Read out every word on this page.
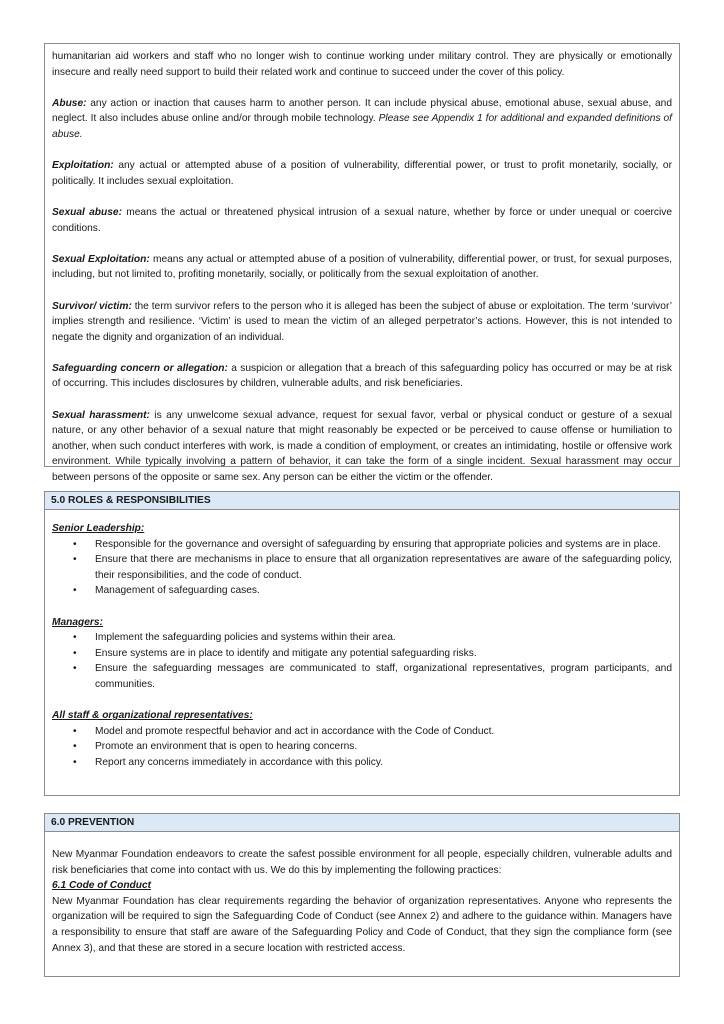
humanitarian aid workers and staff who no longer wish to continue working under military control. They are physically or emotionally insecure and really need support to build their related work and continue to succeed under the cover of this policy.

Abuse: any action or inaction that causes harm to another person. It can include physical abuse, emotional abuse, sexual abuse, and neglect. It also includes abuse online and/or through mobile technology. Please see Appendix 1 for additional and expanded definitions of abuse.

Exploitation: any actual or attempted abuse of a position of vulnerability, differential power, or trust to profit monetarily, socially, or politically. It includes sexual exploitation.

Sexual abuse: means the actual or threatened physical intrusion of a sexual nature, whether by force or under unequal or coercive conditions.

Sexual Exploitation: means any actual or attempted abuse of a position of vulnerability, differential power, or trust, for sexual purposes, including, but not limited to, profiting monetarily, socially, or politically from the sexual exploitation of another.

Survivor/ victim: the term survivor refers to the person who it is alleged has been the subject of abuse or exploitation. The term ‘survivor’ implies strength and resilience. ‘Victim’ is used to mean the victim of an alleged perpetrator’s actions. However, this is not intended to negate the dignity and organization of an individual.

Safeguarding concern or allegation: a suspicion or allegation that a breach of this safeguarding policy has occurred or may be at risk of occurring. This includes disclosures by children, vulnerable adults, and risk beneficiaries.

Sexual harassment: is any unwelcome sexual advance, request for sexual favor, verbal or physical conduct or gesture of a sexual nature, or any other behavior of a sexual nature that might reasonably be expected or be perceived to cause offense or humiliation to another, when such conduct interferes with work, is made a condition of employment, or creates an intimidating, hostile or offensive work environment. While typically involving a pattern of behavior, it can take the form of a single incident. Sexual harassment may occur between persons of the opposite or same sex. Any person can be either the victim or the offender.

5.0 ROLES & RESPONSIBILITIES
Senior Leadership:
• Responsible for the governance and oversight of safeguarding by ensuring that appropriate policies and systems are in place.
• Ensure that there are mechanisms in place to ensure that all organization representatives are aware of the safeguarding policy, their responsibilities, and the code of conduct.
• Management of safeguarding cases.
Managers:
• Implement the safeguarding policies and systems within their area.
• Ensure systems are in place to identify and mitigate any potential safeguarding risks.
• Ensure the safeguarding messages are communicated to staff, organizational representatives, program participants, and communities.
All staff & organizational representatives:
• Model and promote respectful behavior and act in accordance with the Code of Conduct.
• Promote an environment that is open to hearing concerns.
• Report any concerns immediately in accordance with this policy.
6.0 PREVENTION

New Myanmar Foundation endeavors to create the safest possible environment for all people, especially children, vulnerable adults and risk beneficiaries that come into contact with us. We do this by implementing the following practices:

6.1 Code of Conduct

New Myanmar Foundation has clear requirements regarding the behavior of organization representatives. Anyone who represents the organization will be required to sign the Safeguarding Code of Conduct (see Annex 2) and adhere to the guidance within. Managers have a responsibility to ensure that staff are aware of the Safeguarding Policy and Code of Conduct, that they sign the compliance form (see Annex 3), and that these are stored in a secure location with restricted access.
